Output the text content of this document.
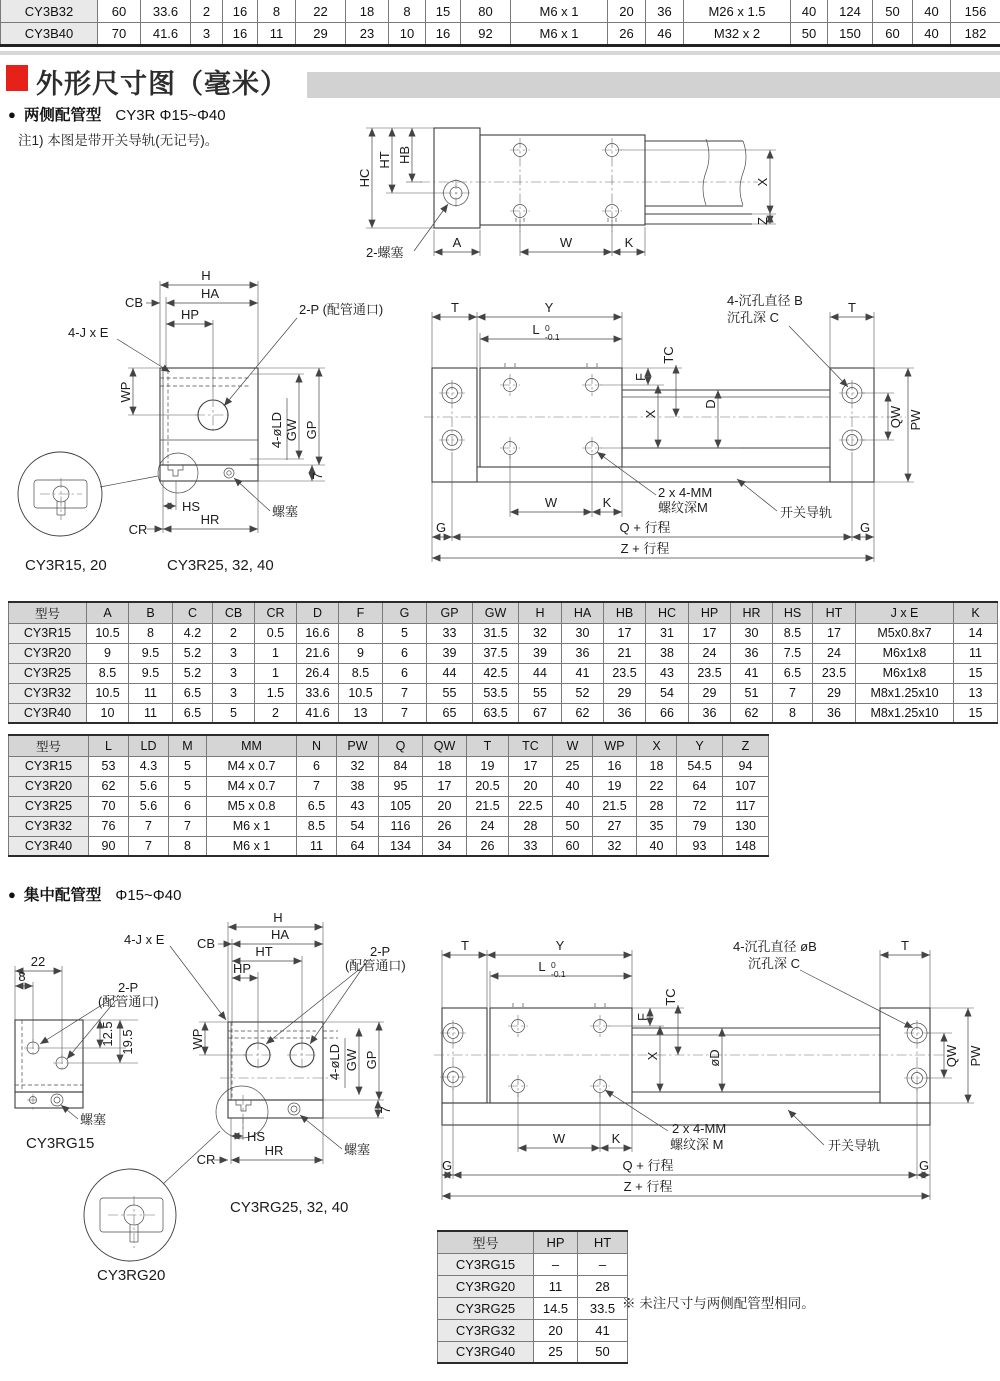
CY3B32	60	33.6	2	16	8	22	18	8	15	80	M6 x 1	20	36	M26 x 1.5	40	124	50	40	156
CY3B40	70	41.6	3	16	11	29	23	10	16	92	M6 x 1	26	46	M32 x 2	50	150	60	40	182
外形尺寸图（毫米）
● 两侧配管型 CY3R Φ15~Φ40
注1) 本图是带开关导轨(无记号)。
HC
HT HB
A	W	K
X
Z
2-螺塞
H
HA
CB
HP
4-J x E
2-P (配管通口)
WP
4-øLD GW GP
7
螺塞
HS
HR
CR
CY3R15, 20	CY3R25, 32, 40
T	Y	T
L 0
-0.1
4-沉孔直径 B
沉孔深 C
TC
F
X
D
QW PW
W	K
2 x 4-MM
螺纹深M	开关导轨
Q + 行程
G	G
Z + 行程
型号	A	B	C	CB	CR	D	F	G	GP	GW	H	HA	HB	HC	HP	HR	HS	HT	J x E	K
CY3R15	10.5	8	4.2	2	0.5	16.6	8	5	33	31.5	32	30	17	31	17	30	8.5	17	M5x0.8x7	14
CY3R20	9	9.5	5.2	3	1	21.6	9	6	39	37.5	39	36	21	38	24	36	7.5	24	M6x1x8	11
CY3R25	8.5	9.5	5.2	3	1	26.4	8.5	6	44	42.5	44	41	23.5	43	23.5	41	6.5	23.5	M6x1x8	15
CY3R32	10.5	11	6.5	3	1.5	33.6	10.5	7	55	53.5	55	52	29	54	29	51	7	29	M8x1.25x10	13
CY3R40	10	11	6.5	5	2	41.6	13	7	65	63.5	67	62	36	66	36	62	8	36	M8x1.25x10	15
型号	L	LD	M	MM	N	PW	Q	QW	T	TC	W	WP	X	Y	Z
CY3R15	53	4.3	5	M4 x 0.7	6	32	84	18	19	17	25	16	18	54.5	94
CY3R20	62	5.6	5	M4 x 0.7	7	38	95	17	20.5	20	40	19	22	64	107
CY3R25	70	5.6	6	M5 x 0.8	6.5	43	105	20	21.5	22.5	40	21.5	28	72	117
CY3R32	76	7	7	M6 x 1	8.5	54	116	26	24	28	50	27	35	79	130
CY3R40	90	7	8	M6 x 1	11	64	134	34	26	33	60	32	40	93	148
● 集中配管型 Φ15~Φ40
22
8
2-P
(配管通口)
12.5 19.5
螺塞
CY3RG15
H
HA
CB
HT
HP
4-J x E
2-P
(配管通口)
WP
4-øLD GW GP
HS
CR
HR	螺塞
7
CY3RG25, 32, 40
CY3RG20
T	Y	T
L 0
-0.1
4-沉孔直径 øB
沉孔深 C
TC
F
X	øD	QW PW
W	K
2 x 4-MM
螺纹深 M	开关导轨
Q + 行程
G	G
Z + 行程
型号	HP	HT
CY3RG15	–	–
CY3RG20	11	28
CY3RG25	14.5	33.5
CY3RG32	20	41
CY3RG40	25	50
※ 未注尺寸与两侧配管型相同。
